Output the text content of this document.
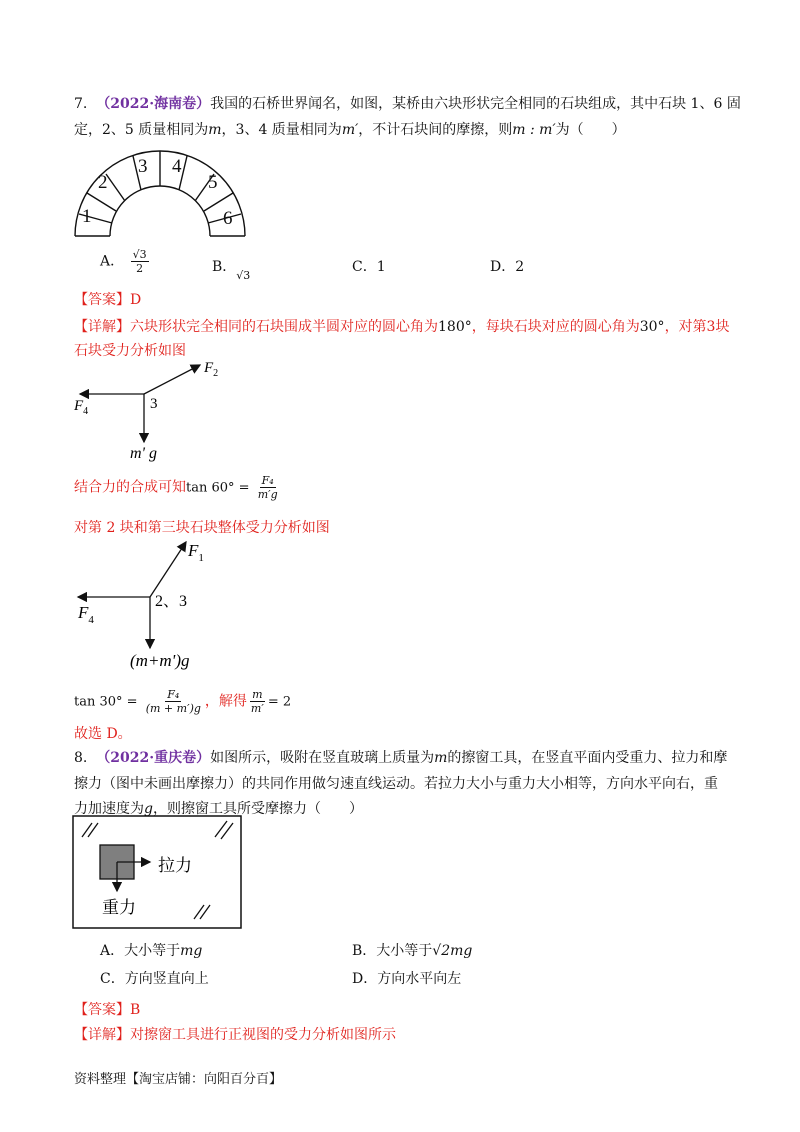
7. （2022·海南卷）我国的石桥世界闻名，如图，某桥由六块形状完全相同的石块组成，其中石块 1、6 固
定，2、5 质量相同为m，3、4 质量相同为m′，不计石块间的摩擦，则m : m′为（　　）
1
2
3 4
5
6
A． $\frac{√3}{2}$	B．$_{√3}$
C．1	D．2
【答案】D
【详解】六块形状完全相同的石块围成半圆对应的圆心角为180°，每块石块对应的圆心角为30°，对第3块
石块受力分析如图
$F_2$
$F_4$	3
m' g
结合力的合成可知$\tan 60^\circ = \frac{\text{F₄}}{m'g}$
对第 2 块和第三块石块整体受力分析如图
$F_1$
$F_4$
2、3
(m+m')g
$\tan 30^\circ = \frac{\text{F₄}}{(m + m')g}$ ，解得 $\frac{m}{m'} = 2$
故选 D。
8. （2022·重庆卷）如图所示，吸附在竖直玻璃上质量为m的擦窗工具，在竖直平面内受重力、拉力和摩
擦力（图中未画出摩擦力）的共同作用做匀速直线运动。若拉力大小与重力大小相等，方向水平向右，重
力加速度为g，则擦窗工具所受摩擦力（　　）
拉力
重力
A．大小等于mg	B．大小等于√2mg
C．方向竖直向上	D．方向水平向左
【答案】B
【详解】对擦窗工具进行正视图的受力分析如图所示
资料整理【淘宝店铺：向阳百分百】
